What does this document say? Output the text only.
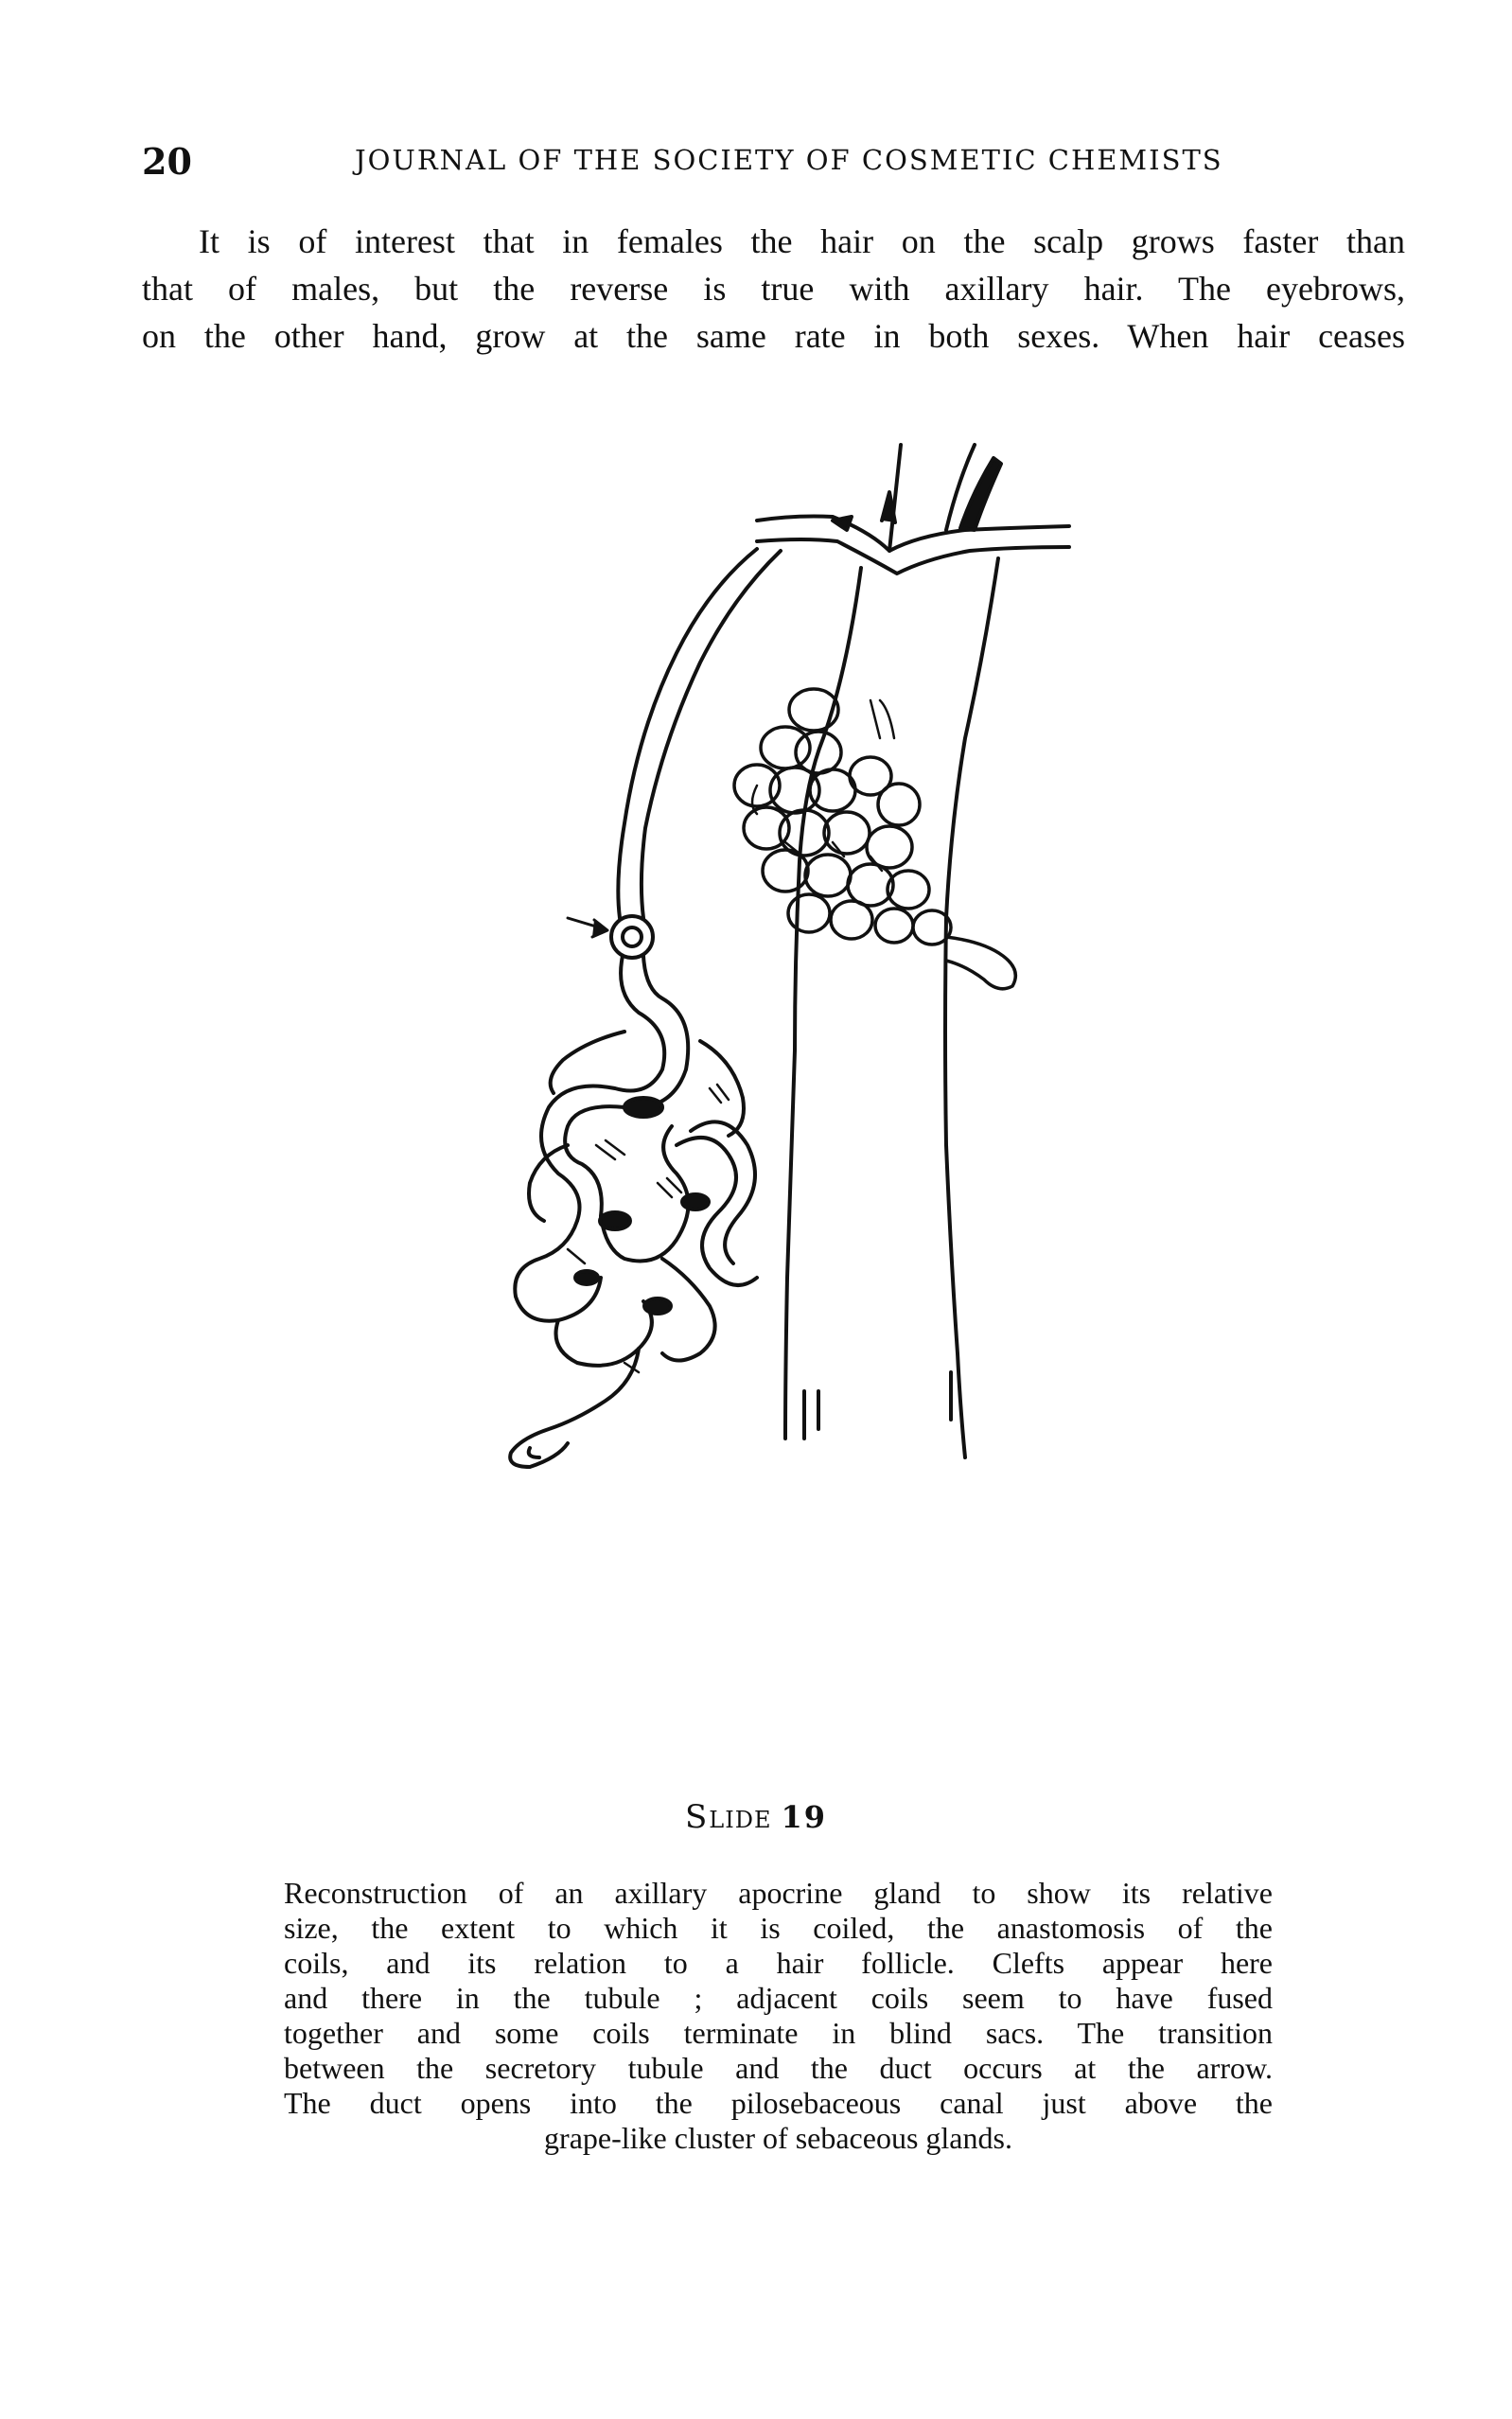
20	JOURNAL OF THE SOCIETY OF COSMETIC CHEMISTS
It is of interest that in females the hair on the scalp grows faster than
that of males, but the reverse is true with axillary hair. The eyebrows,
on the other hand, grow at the same rate in both sexes. When hair ceases
SLIDE 19
Reconstruction of an axillary apocrine gland to show its relative
size, the extent to which it is coiled, the anastomosis of the
coils, and its relation to a hair follicle. Clefts appear here
and there in the tubule ; adjacent coils seem to have fused
together and some coils terminate in blind sacs. The transition
between the secretory tubule and the duct occurs at the arrow.
The duct opens into the pilosebaceous canal just above the
grape-like cluster of sebaceous glands.
